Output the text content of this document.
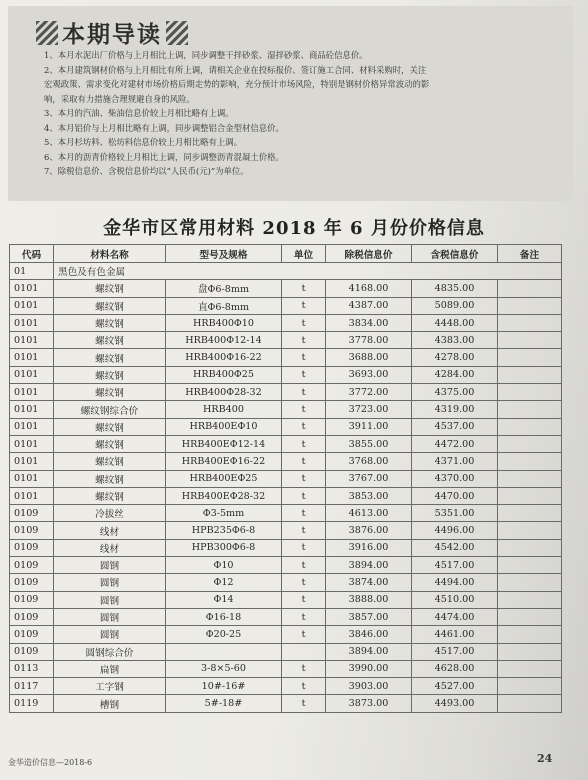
本期导读
1、本月水泥出厂价格与上月相比上调，同步调整干拌砂浆、湿拌砂浆、商品砼信息价。
2、本月建筑钢材价格与上月相比有所上调，请相关企业在投标报价、签订施工合同、材料采购时，关注
宏观政策、需求变化对建材市场价格后期走势的影响，充分预计市场风险，特别是钢材价格异常波动的影
响，采取有力措施合理规避自身的风险。
3、本月的汽油、柴油信息价较上月相比略有上调。
4、本月铝价与上月相比略有上调，同步调整铝合金型材信息价。
5、本月杉坊料、松坊料信息价较上月相比略有上调。
6、本月的沥青价格较上月相比上调，同步调整沥青混凝土价格。
7、除税信息价、含税信息价均以“人民币(元)”为单位。
金华市区常用材料 2018 年 6 月份价格信息
代码	材料名称	型号及规格	单位	除税信息价	含税信息价	备注
01	黑色及有色金属					
0101	螺纹钢	盘Φ6-8mm	t	4168.00	4835.00	
0101	螺纹钢	直Φ6-8mm	t	4387.00	5089.00	
0101	螺纹钢	HRB400Φ10	t	3834.00	4448.00	
0101	螺纹钢	HRB400Φ12-14	t	3778.00	4383.00	
0101	螺纹钢	HRB400Φ16-22	t	3688.00	4278.00	
0101	螺纹钢	HRB400Φ25	t	3693.00	4284.00	
0101	螺纹钢	HRB400Φ28-32	t	3772.00	4375.00	
0101	螺纹钢综合价	HRB400	t	3723.00	4319.00	
0101	螺纹钢	HRB400EΦ10	t	3911.00	4537.00	
0101	螺纹钢	HRB400EΦ12-14	t	3855.00	4472.00	
0101	螺纹钢	HRB400EΦ16-22	t	3768.00	4371.00	
0101	螺纹钢	HRB400EΦ25	t	3767.00	4370.00	
0101	螺纹钢	HRB400EΦ28-32	t	3853.00	4470.00	
0109	冷拔丝	Φ3-5mm	t	4613.00	5351.00	
0109	线材	HPB235Φ6-8	t	3876.00	4496.00	
0109	线材	HPB300Φ6-8	t	3916.00	4542.00	
0109	圆钢	Φ10	t	3894.00	4517.00	
0109	圆钢	Φ12	t	3874.00	4494.00	
0109	圆钢	Φ14	t	3888.00	4510.00	
0109	圆钢	Φ16-18	t	3857.00	4474.00	
0109	圆钢	Φ20-25	t	3846.00	4461.00	
0109	圆钢综合价			3894.00	4517.00	
0113	扁钢	3-8×5-60	t	3990.00	4628.00	
0117	工字钢	10#-16#	t	3903.00	4527.00	
0119	槽钢	5#-18#	t	3873.00	4493.00	
金华造价信息—2018-6	24
